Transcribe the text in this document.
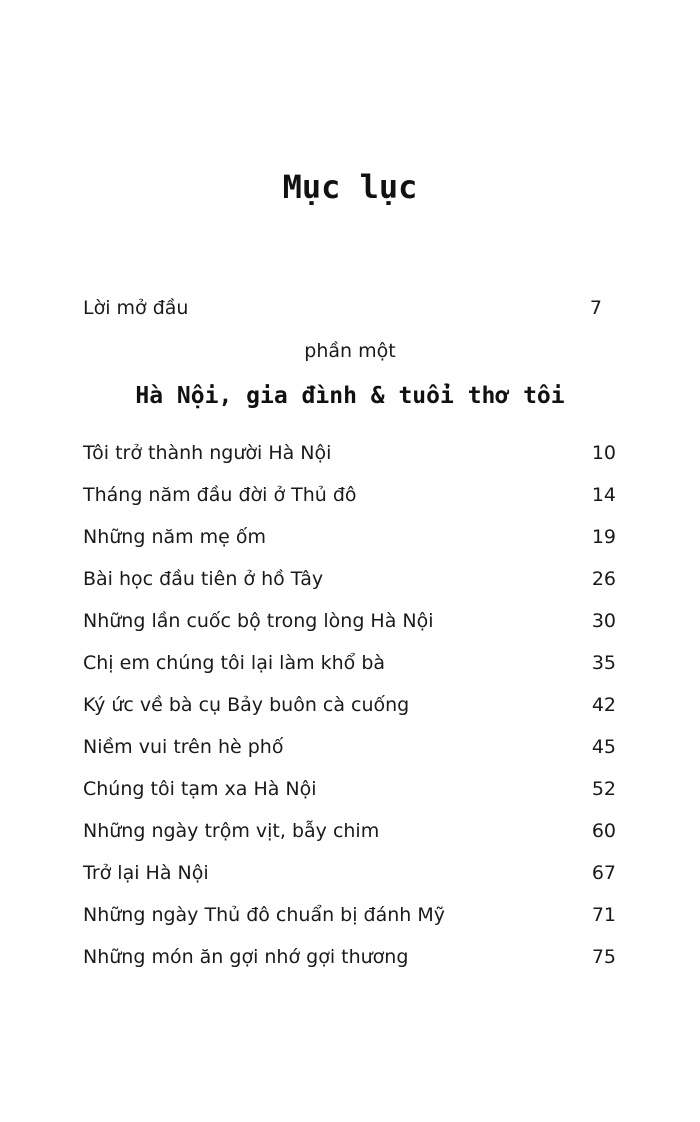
Mục lục
Lời mở đầu	7
phần một
Hà Nội, gia đình & tuổi thơ tôi
Tôi trở thành người Hà Nội	10
Tháng năm đầu đời ở Thủ đô	14
Những năm mẹ ốm	19
Bài học đầu tiên ở hồ Tây	26
Những lần cuốc bộ trong lòng Hà Nội	30
Chị em chúng tôi lại làm khổ bà	35
Ký ức về bà cụ Bảy buôn cà cuống	42
Niềm vui trên hè phố	45
Chúng tôi tạm xa Hà Nội	52
Những ngày trộm vịt, bẫy chim	60
Trở lại Hà Nội	67
Những ngày Thủ đô chuẩn bị đánh Mỹ	71
Những món ăn gợi nhớ gợi thương	75
